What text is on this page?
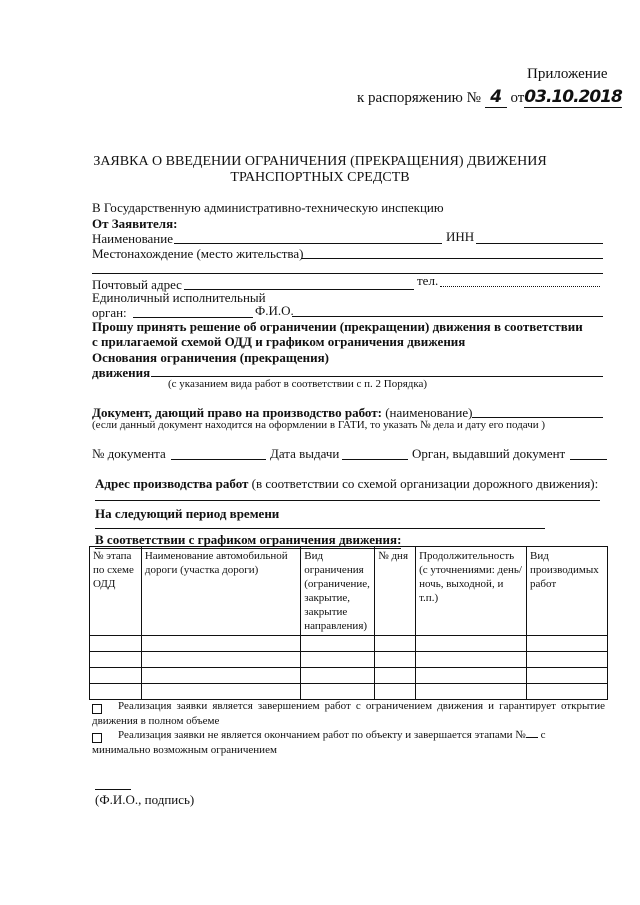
Приложение
к распоряжению № 4 от03.10.2018
ЗАЯВКА О ВВЕДЕНИИ ОГРАНИЧЕНИЯ (ПРЕКРАЩЕНИЯ) ДВИЖЕНИЯ
ТРАНСПОРТНЫХ СРЕДСТВ
В Государственную административно-техническую инспекцию
От Заявителя:
Наименование	ИНН
Местонахождение (место жительства)
Почтовый адрес	тел.
Единоличный исполнительный
орган:	Ф.И.О.
Прошу принять решение об ограничении (прекращении) движения в соответствии
с прилагаемой схемой ОДД и графиком ограничения движения
Основания ограничения (прекращения)
движения
(с указанием вида работ в соответствии с п. 2 Порядка)
Документ, дающий право на производство работ: (наименование)
(если данный документ находится на оформлении в ГАТИ, то указать № дела и дату его подачи )
№ документа	Дата выдачи	Орган, выдавший документ
Адрес производства работ (в соответствии со схемой организации дорожного движения):
На следующий период времени
В соответствии с графиком ограничения движения:
№ этапа по схеме ОДД	Наименование автомобильной дороги (участка дороги)	Вид ограничения (ограничение, закрытие, закрытие направления)	№ дня	Продолжительность (с уточнениями: день/ночь, выходной, и т.п.)	Вид производимых работ

Реализация заявки является завершением работ с ограничением движения и гарантирует открытие движения в полном объеме
Реализация заявки не является окончанием работ по объекту и завершается этапами № с минимально возможным ограничением
(Ф.И.О., подпись)
